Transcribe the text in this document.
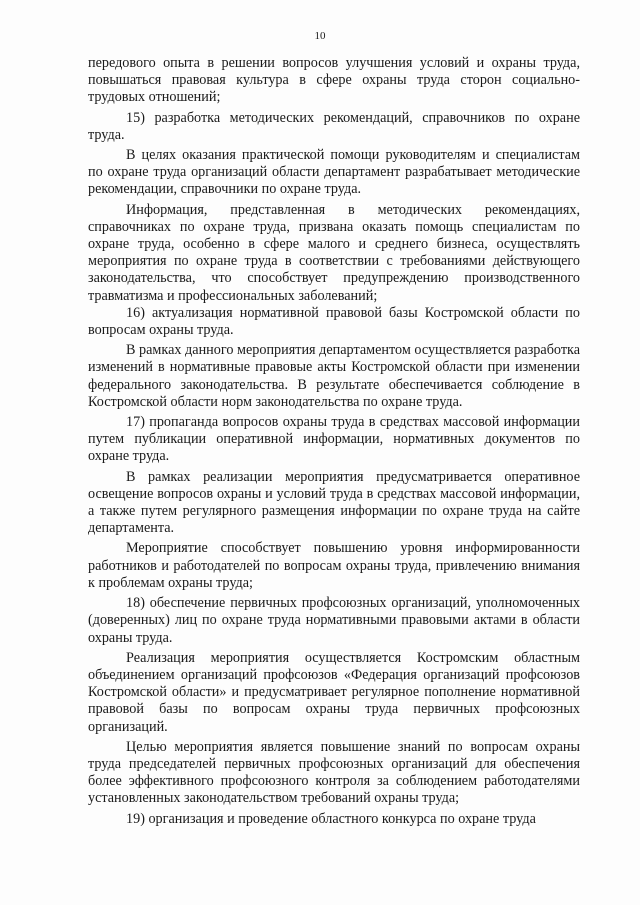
10

передового опыта в решении вопросов улучшения условий и охраны труда, повышаться правовая культура в сфере охраны труда сторон социально-трудовых отношений;

15) разработка методических рекомендаций, справочников по охране труда.

В целях оказания практической помощи руководителям и специалистам по охране труда организаций области департамент разрабатывает методические рекомендации, справочники по охране труда.

Информация, представленная в методических рекомендациях, справочниках по охране труда, призвана оказать помощь специалистам по охране труда, особенно в сфере малого и среднего бизнеса, осуществлять мероприятия по охране труда в соответствии с требованиями действующего законодательства, что способствует предупреждению производственного травматизма и профессиональных заболеваний;

16) актуализация нормативной правовой базы Костромской области по вопросам охраны труда.

В рамках данного мероприятия департаментом осуществляется разработка изменений в нормативные правовые акты Костромской области при изменении федерального законодательства. В результате обеспечивается соблюдение в Костромской области норм законодательства по охране труда.

17) пропаганда вопросов охраны труда в средствах массовой информации путем публикации оперативной информации, нормативных документов по охране труда.

В рамках реализации мероприятия предусматривается оперативное освещение вопросов охраны и условий труда в средствах массовой информации, а также путем регулярного размещения информации по охране труда на сайте департамента.

Мероприятие способствует повышению уровня информированности работников и работодателей по вопросам охраны труда, привлечению внимания к проблемам охраны труда;

18) обеспечение первичных профсоюзных организаций, уполномоченных (доверенных) лиц по охране труда нормативными правовыми актами в области охраны труда.

Реализация мероприятия осуществляется Костромским областным объединением организаций профсоюзов «Федерация организаций профсоюзов Костромской области» и предусматривает регулярное пополнение нормативной правовой базы по вопросам охраны труда первичных профсоюзных организаций.

Целью мероприятия является повышение знаний по вопросам охраны труда председателей первичных профсоюзных организаций для обеспечения более эффективного профсоюзного контроля за соблюдением работодателями установленных законодательством требований охраны труда;

19) организация и проведение областного конкурса по охране труда
